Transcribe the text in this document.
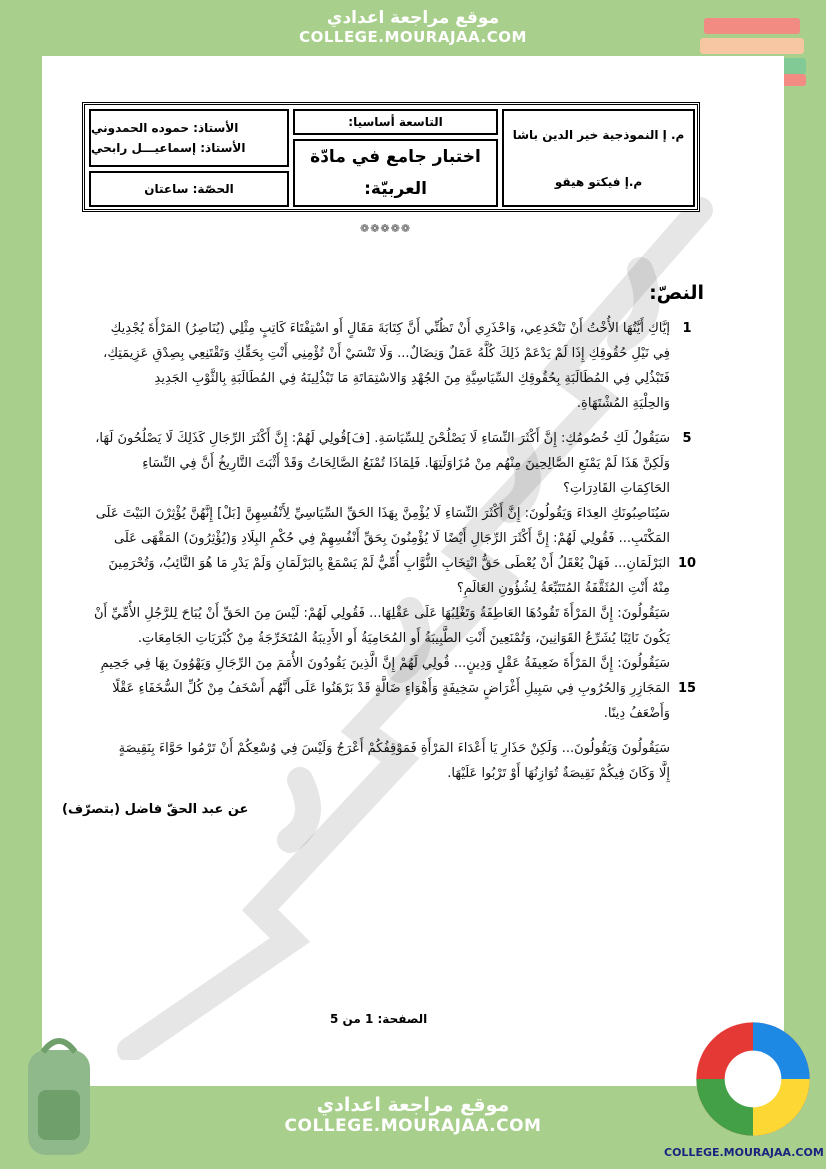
موقع مراجعة اعدادي
COLLEGE.MOURAJAA.COM
الأستاذ: حموده الحمدوني
الأستاذ: إسماعيـــل رابحي
الحصّة: ساعتان
التاسعة أساسيا:
اختبار جامع في مادّة
العربيّة:
م. إ النموذجية خير الدين باشا
م.إ فيكتو هيقو
❁❁❁❁❁
النصّ:
1
إيَّاكِ أَيَّتُهَا الأُخْتُ أَنْ تَنْخَدِعِي، وَاحْذَرِي أَنْ تَظُنِّي أَنَّ كِتَابَةَ مَقَالٍ أَو اسْتِفْتَاءَ كَاتِبٍ مِثْلِي (يُنَاصِرُ) المَرْأَةَ يُجْدِيكِ
فِي نَيْلِ حُقُوقِكِ إِذَا لَمْ يَدْعَمْ ذَلِكَ كُلَّهُ عَمَلٌ وَنِضَالٌ... وَلَا تَنْسَيْ أَنْ تُؤْمِنِي أَنْتِ بِحَقِّكِ وَتَقْتَنِعِي بِصِدْقِ عَزِيمَتِكِ،
فَتَبْذُلِي فِي المُطَالَبَةِ بِحُقُوقِكِ السِّيَاسِيَّةِ مِنَ الجُهْدِ وَالاسْتِمَاتَةِ مَا تَبْذُلِينَهُ فِي المُطَالَبَةِ بِالثَّوْبِ الجَدِيدِ
وَالحِلْيَةِ المُشْتَهَاةِ.
5
سَيَقُولُ لَكِ خُصُومُكِ: إِنَّ أَكْثَرَ النِّسَاءِ لَا يَصْلُحْنَ لِلسِّيَاسَةِ. [فَ]قُولِي لَهُمْ: إِنَّ أَكْثَرَ الرِّجَالِ كَذَلِكَ لَا يَصْلُحُونَ لَهَا،
وَلَكِنَّ هَذَا لَمْ يَمْنَعِ الصَّالِحِينَ مِنْهُم مِنْ مُزَاوَلَتِهَا. فَلِمَاذَا تُمْنَعُ الصَّالِحَاتُ وَقَدْ أَثْبَتَ التَّارِيخُ أَنَّ فِي النِّسَاءِ
الحَاكِمَاتِ القَادِرَاتِ؟
سَيُنَاصِبُونَكِ العِدَاءَ وَيَقُولُونَ: إِنَّ أَكْثَرَ النِّسَاءِ لَا يُؤْمِنَّ بِهَذَا الحَقِّ السِّيَاسِيِّ لِأَنْفُسِهِنَّ [بَلْ] إِنَّهُنَّ يُؤْثِرْنَ البَيْتَ عَلَى
المَكْتَبِ... فَقُولِي لَهُمْ: إِنَّ أَكْثَرَ الرِّجَالِ أَيْضًا لَا يُؤْمِنُونَ بِحَقِّ أَنْفُسِهِمْ فِي حُكْمِ البِلَادِ وَ(يُؤْثِرُونَ) المَقْهَى عَلَى
10
البَرْلَمَانِ... فَهَلْ يُعْقَلُ أَنْ يُعْطَى حَقُّ انْتِخَابِ النُّوَّابِ أُمِّيٌّ لَمْ يَسْمَعْ بِالبَرْلَمَانِ وَلَمْ يَدْرِ مَا هُوَ النَّائِبُ، وَتُحْرَمِينَ
مِنْهُ أَنْتِ المُثَقَّفَةُ المُتَتَبِّعَةُ لِشُؤُونِ العَالَمِ؟
سَيَقُولُونَ: إِنَّ المَرْأَةَ تَقُودُهَا العَاطِفَةُ وَتَغْلِبُهَا عَلَى عَقْلِهَا... فَقُولِي لَهُمْ: لَيْسَ مِنَ الحَقِّ أَنْ يُبَاحَ لِلرَّجُلِ الأُمِّيِّ أَنْ
يَكُونَ نَائِبًا يُشَرِّعُ القَوَانِينَ، وَتُمْنَعِينَ أَنْتِ الطَّبِيبَةُ أَو المُحَامِيَةُ أَو الأَدِيبَةُ المُتَخَرِّجَةُ مِنْ كُبْرَيَاتِ الجَامِعَاتِ.
سَيَقُولُونَ: إِنَّ المَرْأَةَ ضَعِيفَةُ عَقْلٍ وَدِينٍ... قُولِي لَهُمْ إِنَّ الَّذِينَ يَقُودُونَ الأُمَمَ مِنَ الرِّجَالِ وَيَهْوُونَ بِهَا فِي جَحِيمِ
15
المَجَازِرِ وَالحُرُوبِ فِي سَبِيلِ أَغْرَاضٍ سَخِيفَةٍ وَأَهْوَاءٍ ضَالَّةٍ قَدْ بَرْهَنُوا عَلَى أَنَّهُم أَسْخَفُ مِنْ كُلِّ السُّخَفَاءِ عَقْلًا
وَأَضْعَفُ دِينًا.
سَيَقُولُونَ وَيَقُولُونَ... وَلَكِنْ حَذَارِ يَا أَعْدَاءَ المَرْأَةِ فَمَوْقِفُكُمْ أَعْرَجُ وَلَيْسَ فِي وُسْعِكُمْ أَنْ تَرْمُوا حَوَّاءَ بِنَقِيصَةٍ
إِلَّا وَكَانَ فِيكُمْ نَقِيصَةٌ تُوَازِنُهَا أَوْ تَرْبُوا عَلَيْهَا.
عن عبد الحقّ فاضل (بتصرّف)
الصفحة: 1 من 5
موقع مراجعة اعدادي
COLLEGE.MOURAJAA.COM
COLLEGE.MOURAJAA.COM
